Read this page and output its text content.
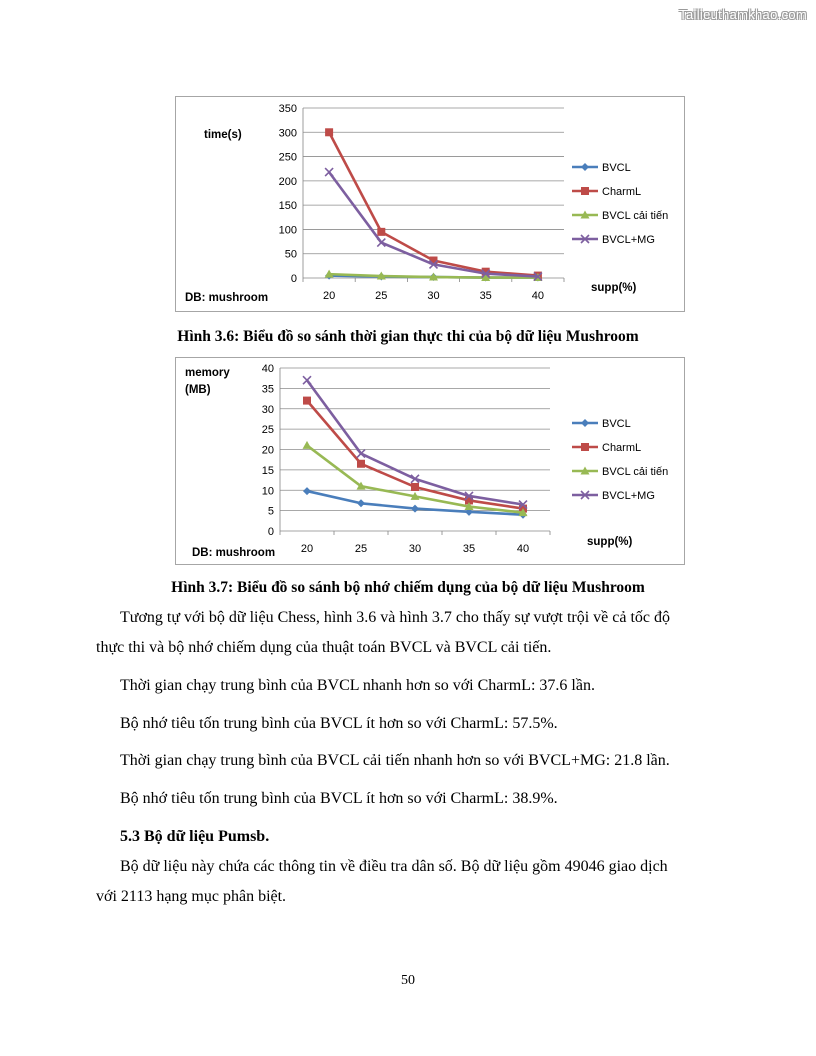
Tailieuthamkhao.com
0
50
100
150
200
250
300
350
20	25	30	35	40
BVCL
CharmL
BVCL cải tiến
BVCL+MG
time(s)
supp(%)
DB: mushroom
Hình 3.6: Biểu đồ so sánh thời gian thực thi của bộ dữ liệu Mushroom
0
5
10
15
20
25
30
35
40
20	25	30	35	40
BVCL
CharmL
BVCL cải tiến
BVCL+MG
memory
(MB)
supp(%)
DB: mushroom
Hình 3.7: Biểu đồ so sánh bộ nhớ chiếm dụng của bộ dữ liệu Mushroom
Tương tự với bộ dữ liệu Chess, hình 3.6 và hình 3.7 cho thấy sự vượt trội về cả tốc độ
thực thi và bộ nhớ chiếm dụng của thuật toán BVCL và BVCL cải tiến.
Thời gian chạy trung bình của BVCL nhanh hơn so với CharmL: 37.6 lần.
Bộ nhớ tiêu tốn trung bình của BVCL ít hơn so với CharmL: 57.5%.
Thời gian chạy trung bình của BVCL cải tiến nhanh hơn so với BVCL+MG: 21.8 lần.
Bộ nhớ tiêu tốn trung bình của BVCL ít hơn so với CharmL: 38.9%.
5.3 Bộ dữ liệu Pumsb.
Bộ dữ liệu này chứa các thông tin về điều tra dân số. Bộ dữ liệu gồm 49046 giao dịch
với 2113 hạng mục phân biệt.
50
